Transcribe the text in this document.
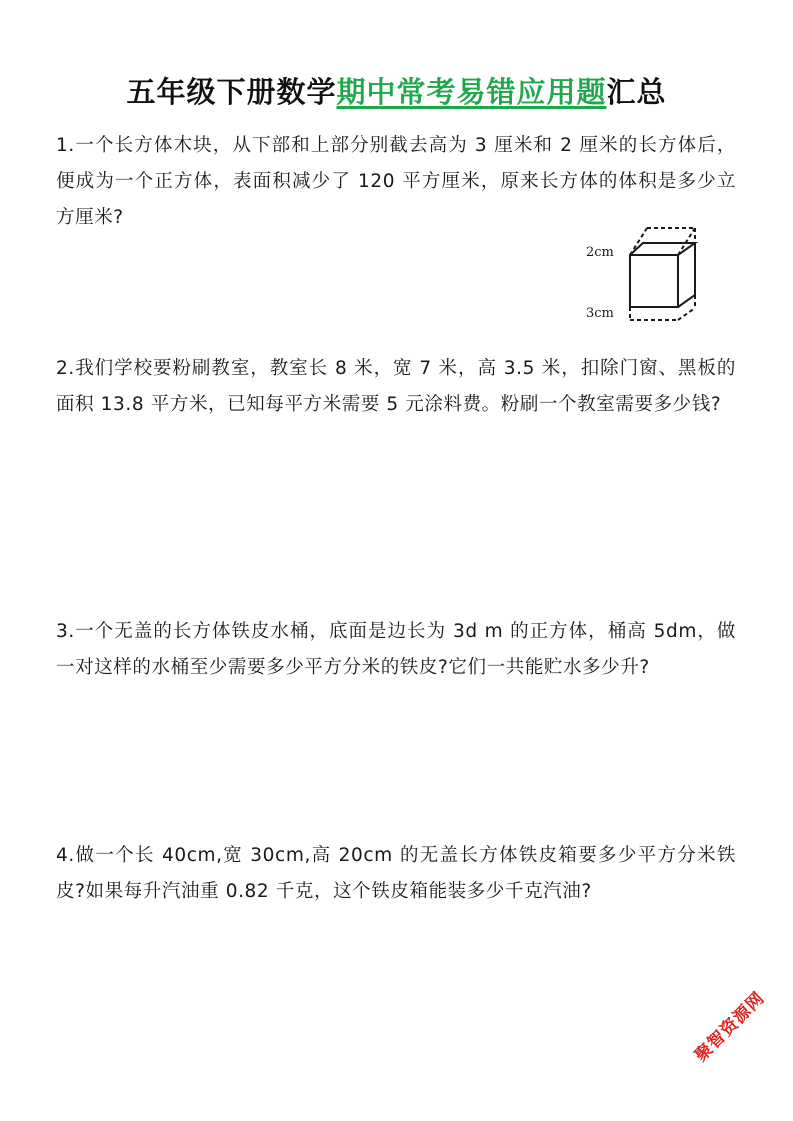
五年级下册数学期中常考易错应用题汇总
1.一个长方体木块，从下部和上部分别截去高为 3 厘米和 2 厘米的长方体后，便成为一个正方体，表面积减少了 120 平方厘米，原来长方体的体积是多少立方厘米?
2cm
3cm
2.我们学校要粉刷教室，教室长 8 米，宽 7 米，高 3.5 米，扣除门窗、黑板的面积 13.8 平方米，已知每平方米需要 5 元涂料费。粉刷一个教室需要多少钱?
3.一个无盖的长方体铁皮水桶，底面是边长为 3d m 的正方体，桶高 5dm，做一对这样的水桶至少需要多少平方分米的铁皮?它们一共能贮水多少升?
4.做一个长 40cm,宽 30cm,高 20cm 的无盖长方体铁皮箱要多少平方分米铁皮?如果每升汽油重 0.82 千克，这个铁皮箱能装多少千克汽油?
聚智资源网
